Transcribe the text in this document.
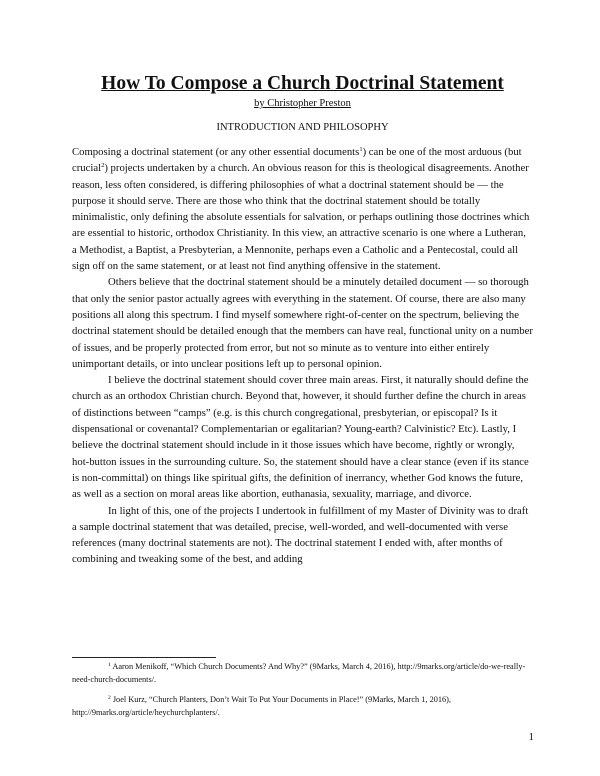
How To Compose a Church Doctrinal Statement

by Christopher Preston

INTRODUCTION AND PHILOSOPHY

Composing a doctrinal statement (or any other essential documents$^1$) can be one of the most arduous (but crucial$^2$) projects undertaken by a church. An obvious reason for this is theological disagreements. Another reason, less often considered, is differing philosophies of what a doctrinal statement should be — the purpose it should serve. There are those who think that the doctrinal statement should be totally minimalistic, only defining the absolute essentials for salvation, or perhaps outlining those doctrines which are essential to historic, orthodox Christianity. In this view, an attractive scenario is one where a Lutheran, a Methodist, a Baptist, a Presbyterian, a Mennonite, perhaps even a Catholic and a Pentecostal, could all sign off on the same statement, or at least not find anything offensive in the statement.

Others believe that the doctrinal statement should be a minutely detailed document — so thorough that only the senior pastor actually agrees with everything in the statement. Of course, there are also many positions all along this spectrum. I find myself somewhere right-of-center on the spectrum, believing the doctrinal statement should be detailed enough that the members can have real, functional unity on a number of issues, and be properly protected from error, but not so minute as to venture into either entirely unimportant details, or into unclear positions left up to personal opinion.

I believe the doctrinal statement should cover three main areas. First, it naturally should define the church as an orthodox Christian church. Beyond that, however, it should further define the church in areas of distinctions between “camps” (e.g. is this church congregational, presbyterian, or episcopal? Is it dispensational or covenantal? Complementarian or egalitarian? Young-earth? Calvinistic? Etc). Lastly, I believe the doctrinal statement should include in it those issues which have become, rightly or wrongly, hot-button issues in the surrounding culture. So, the statement should have a clear stance (even if its stance is non-committal) on things like spiritual gifts, the definition of inerrancy, whether God knows the future, as well as a section on moral areas like abortion, euthanasia, sexuality, marriage, and divorce.

In light of this, one of the projects I undertook in fulfillment of my Master of Divinity was to draft a sample doctrinal statement that was detailed, precise, well-worded, and well-documented with verse references (many doctrinal statements are not). The doctrinal statement I ended with, after months of combining and tweaking some of the best, and adding

$^1$ Aaron Menikoff, “Which Church Documents? And Why?” (9Marks, March 4, 2016), http://9marks.org/article/do-we-really-need-church-documents/.

$^2$ Joel Kurz, “Church Planters, Don’t Wait To Put Your Documents in Place!” (9Marks, March 1, 2016), http://9marks.org/article/heychurchplanters/.

1
